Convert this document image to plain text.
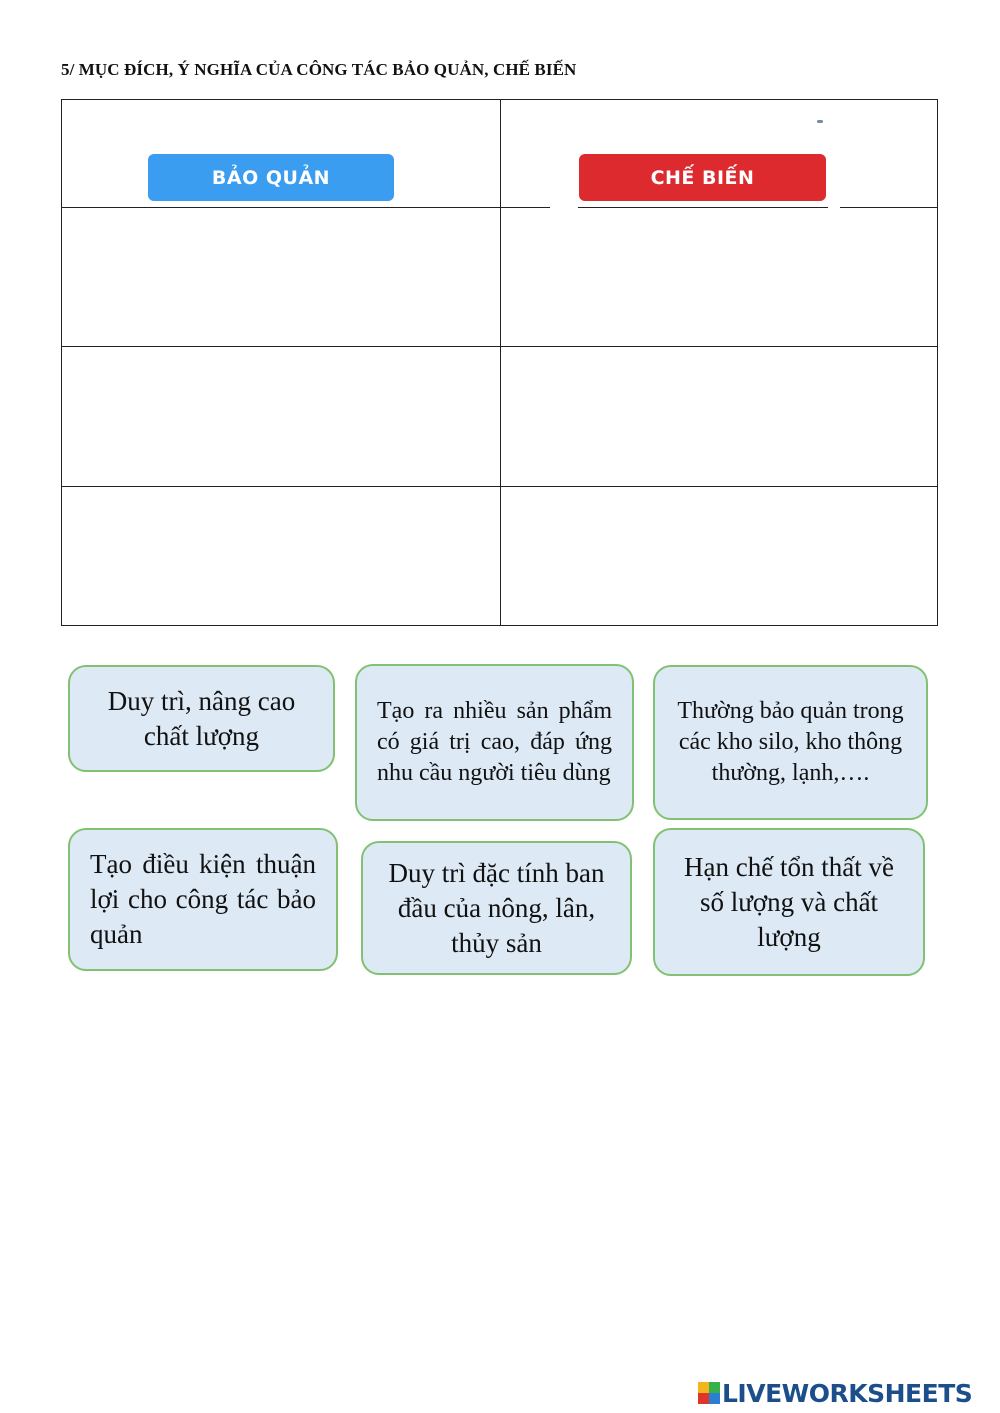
5/ MỤC ĐÍCH, Ý NGHĨA CỦA CÔNG TÁC BẢO QUẢN, CHẾ BIẾN
BẢO QUẢN	CHẾ BIẾN
Duy trì, nâng cao chất lượng
Tạo ra nhiều sản phẩm có giá trị cao, đáp ứng nhu cầu người tiêu dùng
Thường bảo quản trong các kho silo, kho thông thường, lạnh,….
Tạo điều kiện thuận lợi cho công tác bảo quản
Duy trì đặc tính ban đầu của nông, lân, thủy sản
Hạn chế tổn thất về số lượng và chất lượng
LIVEWORKSHEETS
